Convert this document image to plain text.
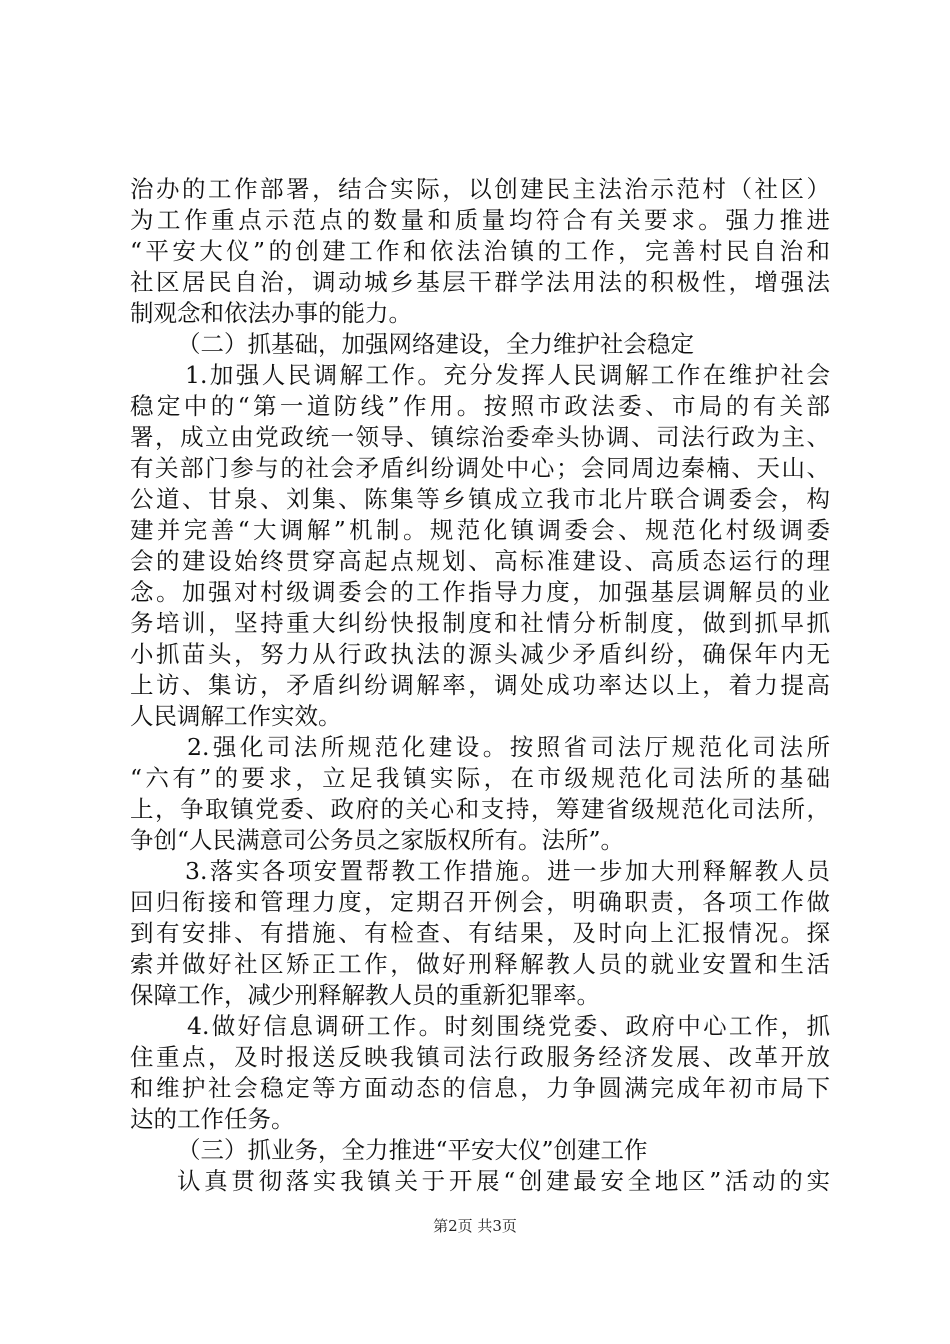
治办的工作部署，结合实际，以创建民主法治示范村（社区）
为工作重点示范点的数量和质量均符合有关要求。强力推进
“平安大仪”的创建工作和依法治镇的工作，完善村民自治和
社区居民自治，调动城乡基层干群学法用法的积极性，增强法
制观念和依法办事的能力。
（二）抓基础，加强网络建设，全力维护社会稳定
1.加强人民调解工作。充分发挥人民调解工作在维护社会
稳定中的“第一道防线”作用。按照市政法委、市局的有关部
署，成立由党政统一领导、镇综治委牵头协调、司法行政为主、
有关部门参与的社会矛盾纠纷调处中心；会同周边秦楠、天山、
公道、甘泉、刘集、陈集等乡镇成立我市北片联合调委会，构
建并完善“大调解”机制。规范化镇调委会、规范化村级调委
会的建设始终贯穿高起点规划、高标准建设、高质态运行的理
念。加强对村级调委会的工作指导力度，加强基层调解员的业
务培训，坚持重大纠纷快报制度和社情分析制度，做到抓早抓
小抓苗头，努力从行政执法的源头减少矛盾纠纷，确保年内无
上访、集访，矛盾纠纷调解率，调处成功率达以上，着力提高
人民调解工作实效。
2.强化司法所规范化建设。按照省司法厅规范化司法所
“六有”的要求，立足我镇实际，在市级规范化司法所的基础
上，争取镇党委、政府的关心和支持，筹建省级规范化司法所，
争创“人民满意司公务员之家版权所有。法所”。
3.落实各项安置帮教工作措施。进一步加大刑释解教人员
回归衔接和管理力度，定期召开例会，明确职责，各项工作做
到有安排、有措施、有检查、有结果，及时向上汇报情况。探
索并做好社区矫正工作，做好刑释解教人员的就业安置和生活
保障工作，减少刑释解教人员的重新犯罪率。
4.做好信息调研工作。时刻围绕党委、政府中心工作，抓
住重点，及时报送反映我镇司法行政服务经济发展、改革开放
和维护社会稳定等方面动态的信息，力争圆满完成年初市局下
达的工作任务。
（三）抓业务，全力推进“平安大仪”创建工作
认真贯彻落实我镇关于开展“创建最安全地区”活动的实
第2页 共3页
